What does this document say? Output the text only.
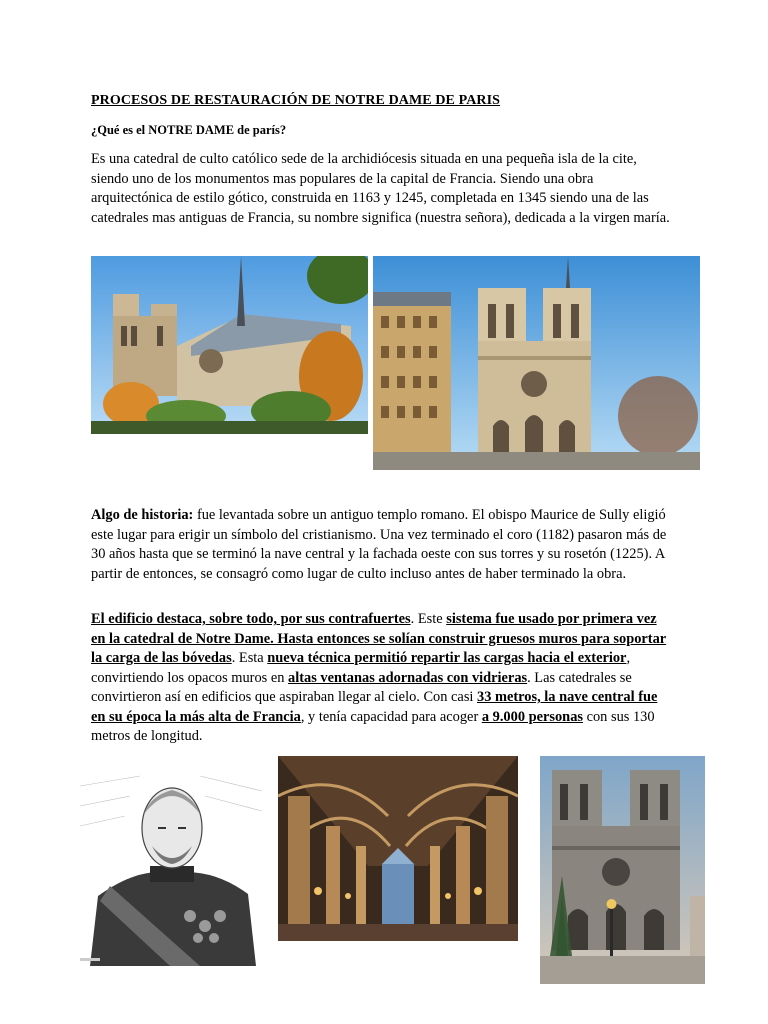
PROCESOS DE RESTAURACIÓN DE NOTRE DAME DE PARIS
¿Qué es el NOTRE DAME de parís?
Es una catedral de culto católico sede de la archidiócesis situada en una pequeña isla de la cite, siendo uno de los monumentos mas populares de la capital de Francia. Siendo una obra arquitectónica de estilo gótico, construida en 1163 y 1245, completada en 1345 siendo una de las catedrales mas antiguas de Francia, su nombre significa (nuestra señora), dedicada a la virgen maría.
Algo de historia: fue levantada sobre un antiguo templo romano. El obispo Maurice de Sully eligió este lugar para erigir un símbolo del cristianismo. Una vez terminado el coro (1182) pasaron más de 30 años hasta que se terminó la nave central y la fachada oeste con sus torres y su rosetón (1225). A partir de entonces, se consagró como lugar de culto incluso antes de haber terminado la obra.
El edificio destaca, sobre todo, por sus contrafuertes. Este sistema fue usado por primera vez en la catedral de Notre Dame. Hasta entonces se solían construir gruesos muros para soportar la carga de las bóvedas. Esta nueva técnica permitió repartir las cargas hacia el exterior, convirtiendo los opacos muros en altas ventanas adornadas con vidrieras. Las catedrales se convirtieron así en edificios que aspiraban llegar al cielo. Con casi 33 metros, la nave central fue en su época la más alta de Francia, y tenía capacidad para acoger a 9.000 personas con sus 130 metros de longitud.
